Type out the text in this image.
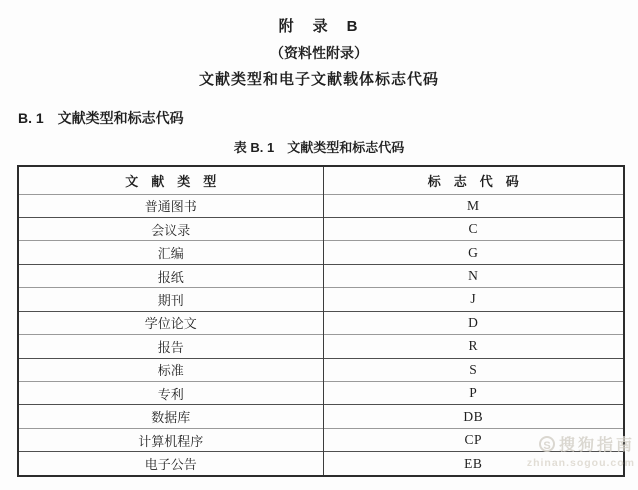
附　录　B
（资料性附录）
文献类型和电子文献载体标志代码
B. 1　文献类型和标志代码
表 B. 1　文献类型和标志代码
文　献　类　型	标　志　代　码
普通图书	M
会议录	C
汇编	G
报纸	N
期刊	J
学位论文	D
报告	R
标准	S
专利	P
数据库	DB
计算机程序	CP
电子公告	EB
S 搜狗指南
zhinan.sogou.com
